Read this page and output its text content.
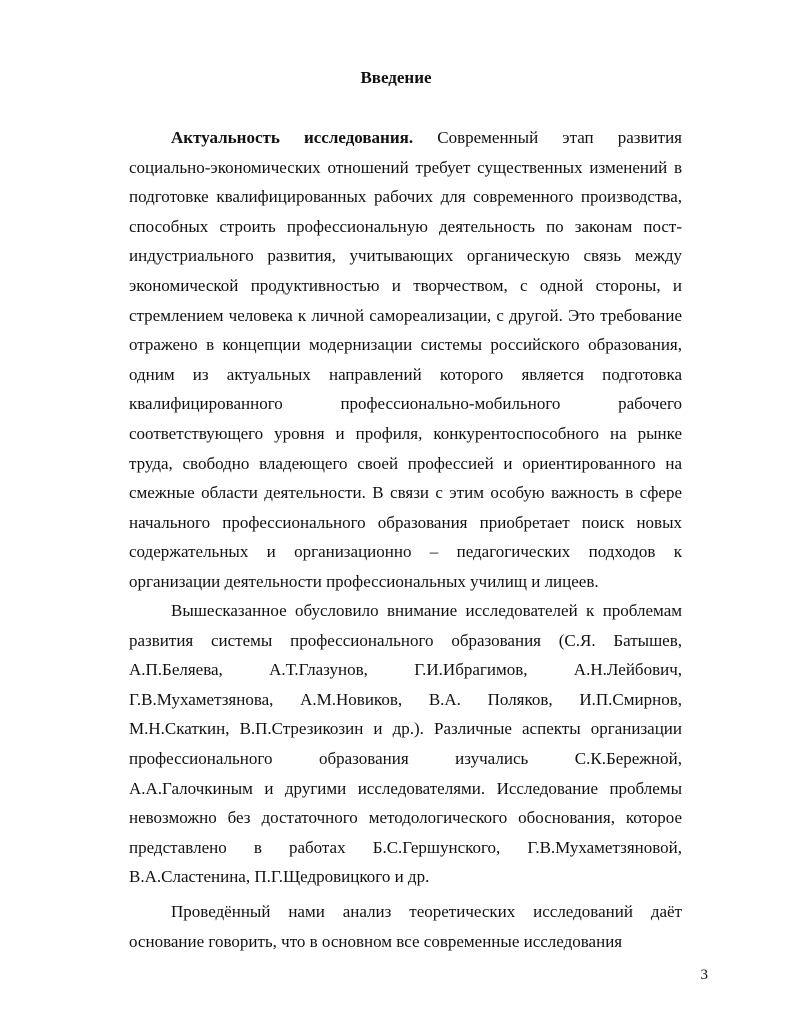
Введение

Актуальность исследования. Современный этап развития социально-экономических отношений требует существенных изменений в подготовке квалифицированных рабочих для современного производства, способных строить профессиональную деятельность по законам пост-индустриального развития, учитывающих органическую связь между экономической продуктивностью и творчеством, с одной стороны, и стремлением человека к личной самореализации, с другой. Это требование отражено в концепции модернизации системы российского образования, одним из актуальных направлений которого является подготовка квалифицированного профессионально-мобильного рабочего соответствующего уровня и профиля, конкурентоспособного на рынке труда, свободно владеющего своей профессией и ориентированного на смежные области деятельности. В связи с этим особую важность в сфере начального профессионального образования приобретает поиск новых содержательных и организационно – педагогических подходов к организации деятельности профессиональных училищ и лицеев.

Вышесказанное обусловило внимание исследователей к проблемам развития системы профессионального образования (С.Я. Батышев, А.П.Беляева, А.Т.Глазунов, Г.И.Ибрагимов, А.Н.Лейбович, Г.В.Мухаметзянова, А.М.Новиков, В.А. Поляков, И.П.Смирнов, М.Н.Скаткин, В.П.Стрезикозин и др.). Различные аспекты организации профессионального образования изучались С.К.Бережной, А.А.Галочкиным и другими исследователями. Исследование проблемы невозможно без достаточного методологического обоснования, которое представлено в работах Б.С.Гершунского, Г.В.Мухаметзяновой, В.А.Сластенина, П.Г.Щедровицкого и др.

Проведённый нами анализ теоретических исследований даёт основание говорить, что в основном все современные исследования

3
